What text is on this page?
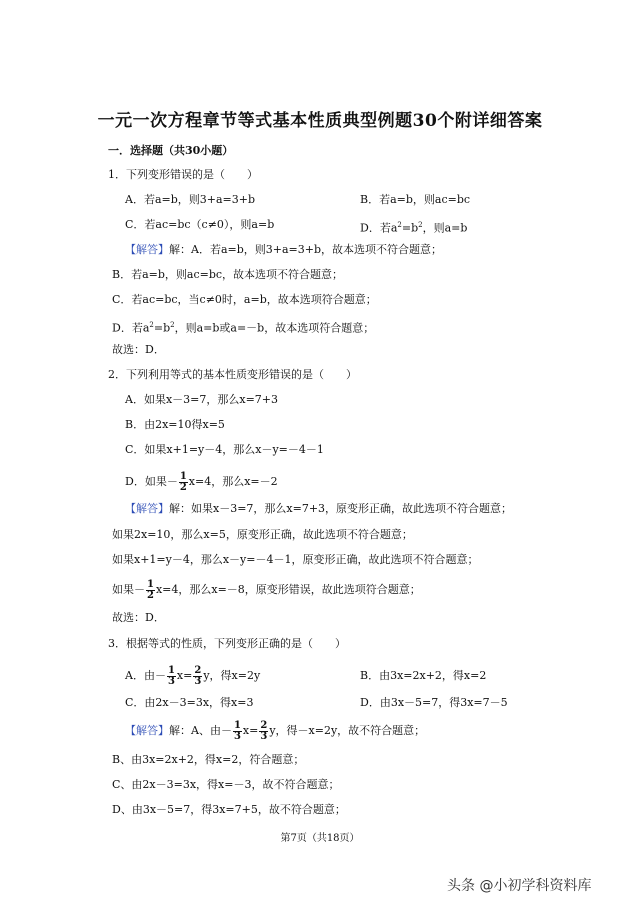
一元一次方程章节等式基本性质典型例题30个附详细答案
一．选择题（共30小题）
1．下列变形错误的是（　　）
A．若a=b，则3+a=3+b	B．若a=b，则ac=bc
C．若ac=bc（c≠0），则a=b	D．若$a^2=b^2$，则a=b
【解答】解：A．若a=b，则3+a=3+b，故本选项不符合题意；
B．若a=b，则ac=bc，故本选项不符合题意；
C．若ac=bc，当c≠0时，a=b，故本选项符合题意；
D．若$a^2=b^2$，则a=b或a=－b，故本选项符合题意；
故选：D．
2．下列利用等式的基本性质变形错误的是（　　）
A．如果x－3=7，那么x=7+3
B．由2x=10得x=5
C．如果x+1=y－4，那么x－y=－4－1
D．如果－ $\frac{1}{2} x=4$，那么x=－2
【解答】解：如果x－3=7，那么x=7+3，原变形正确，故此选项不符合题意；
如果2x=10，那么x=5，原变形正确，故此选项不符合题意；
如果x+1=y－4，那么x－y=－4－1，原变形正确，故此选项不符合题意；
如果－ $\frac{1}{2} x=4$，那么x=－8，原变形错误，故此选项符合题意；
故选：D．
3．根据等式的性质，下列变形正确的是（　　）
A．由－ $\frac{1}{3} x= \frac{2}{3}$ y，得x=2y	B．由3x=2x+2，得x=2
C．由2x－3=3x，得x=3	D．由3x－5=7，得3x=7－5
【解答】解：A、由－ $\frac{1}{3} x= \frac{2}{3}$ y，得－x=2y，故不符合题意；
B、由3x=2x+2，得x=2，符合题意；
C、由2x－3=3x，得x=－3，故不符合题意；
D、由3x－5=7，得3x=7+5，故不符合题意；
第7页（共18页）
头条 @小初学科资料库
